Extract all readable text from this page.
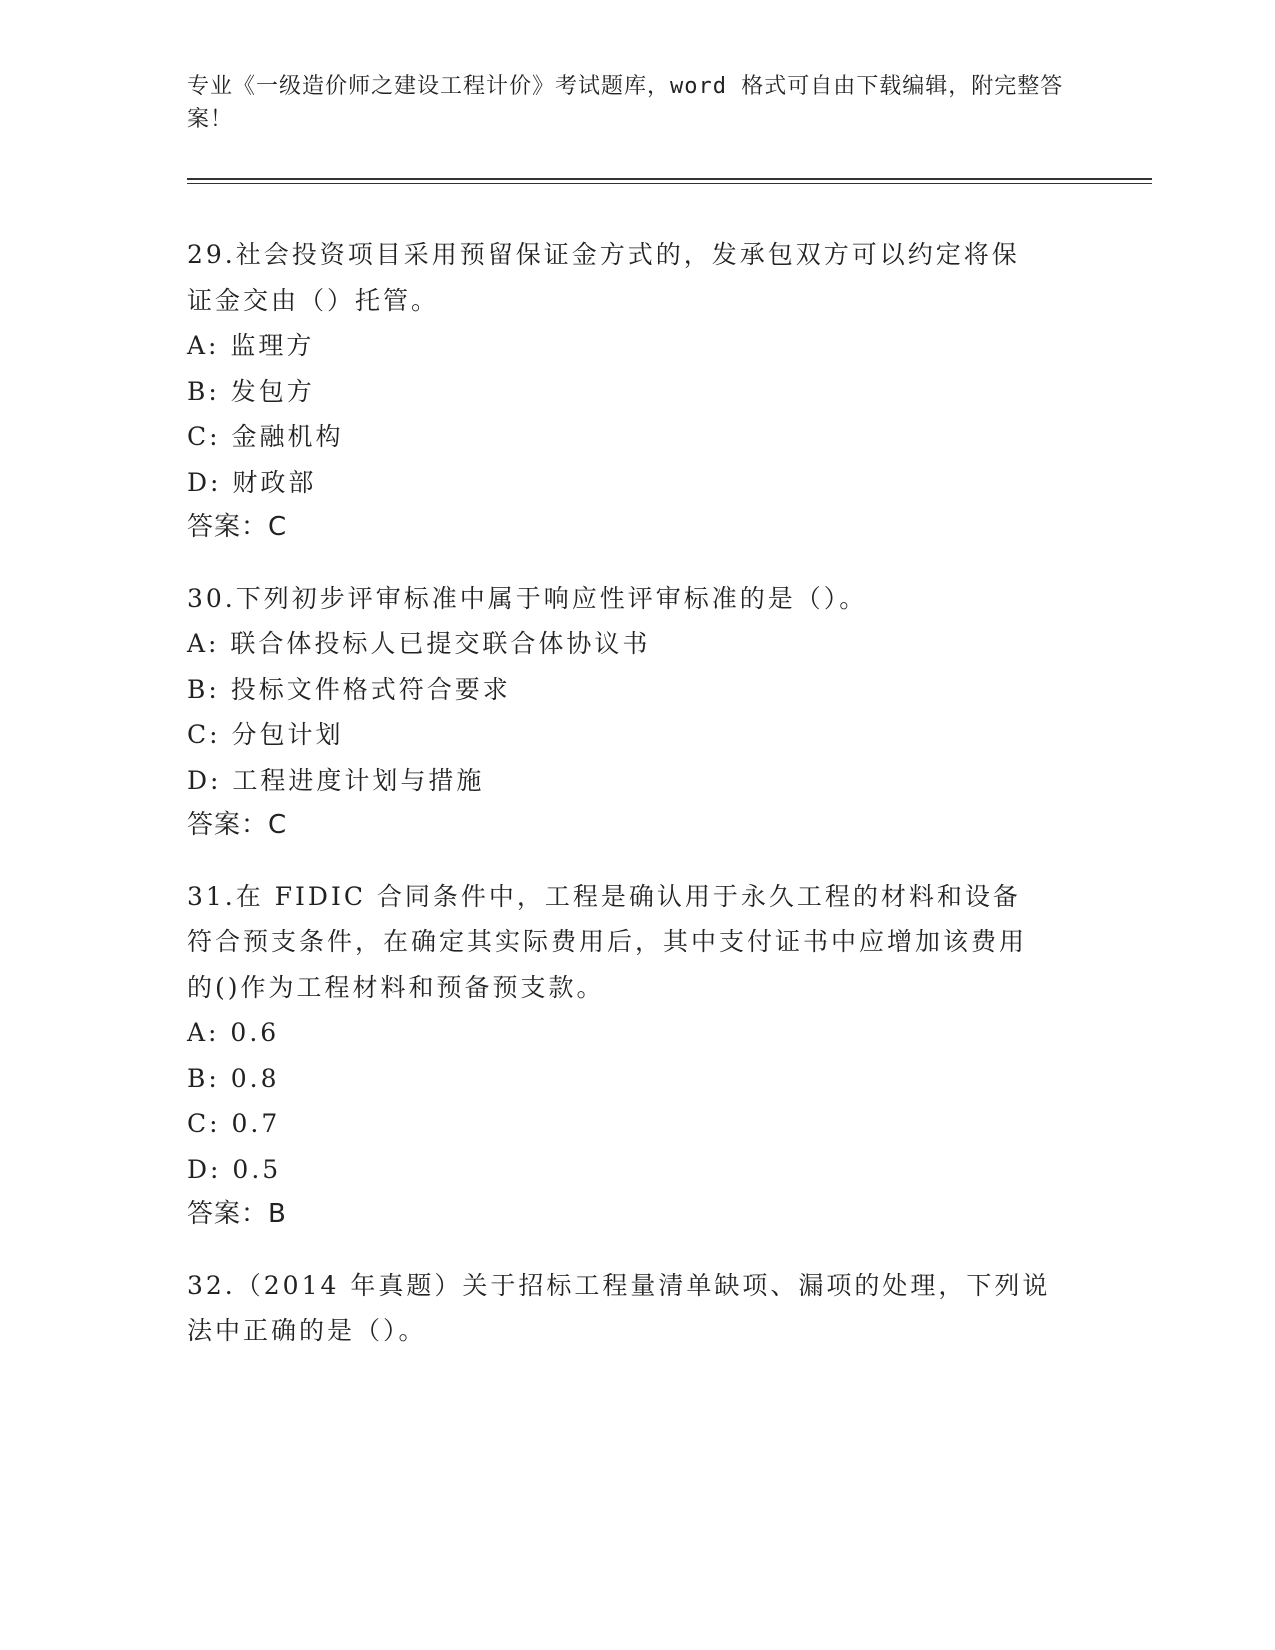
专业《一级造价师之建设工程计价》考试题库，word 格式可自由下载编辑，附完整答案！

29.社会投资项目采用预留保证金方式的，发承包双方可以约定将保证金交由（）托管。

A: 监理方

B: 发包方

C: 金融机构

D: 财政部

答案：C

30.下列初步评审标准中属于响应性评审标准的是（）。

A: 联合体投标人已提交联合体协议书

B: 投标文件格式符合要求

C: 分包计划

D: 工程进度计划与措施

答案：C

31.在 FIDIC 合同条件中，工程是确认用于永久工程的材料和设备符合预支条件，在确定其实际费用后，其中支付证书中应增加该费用的()作为工程材料和预备预支款。

A: 0.6

B: 0.8

C: 0.7

D: 0.5

答案：B

32.（2014 年真题）关于招标工程量清单缺项、漏项的处理，下列说法中正确的是（）。
